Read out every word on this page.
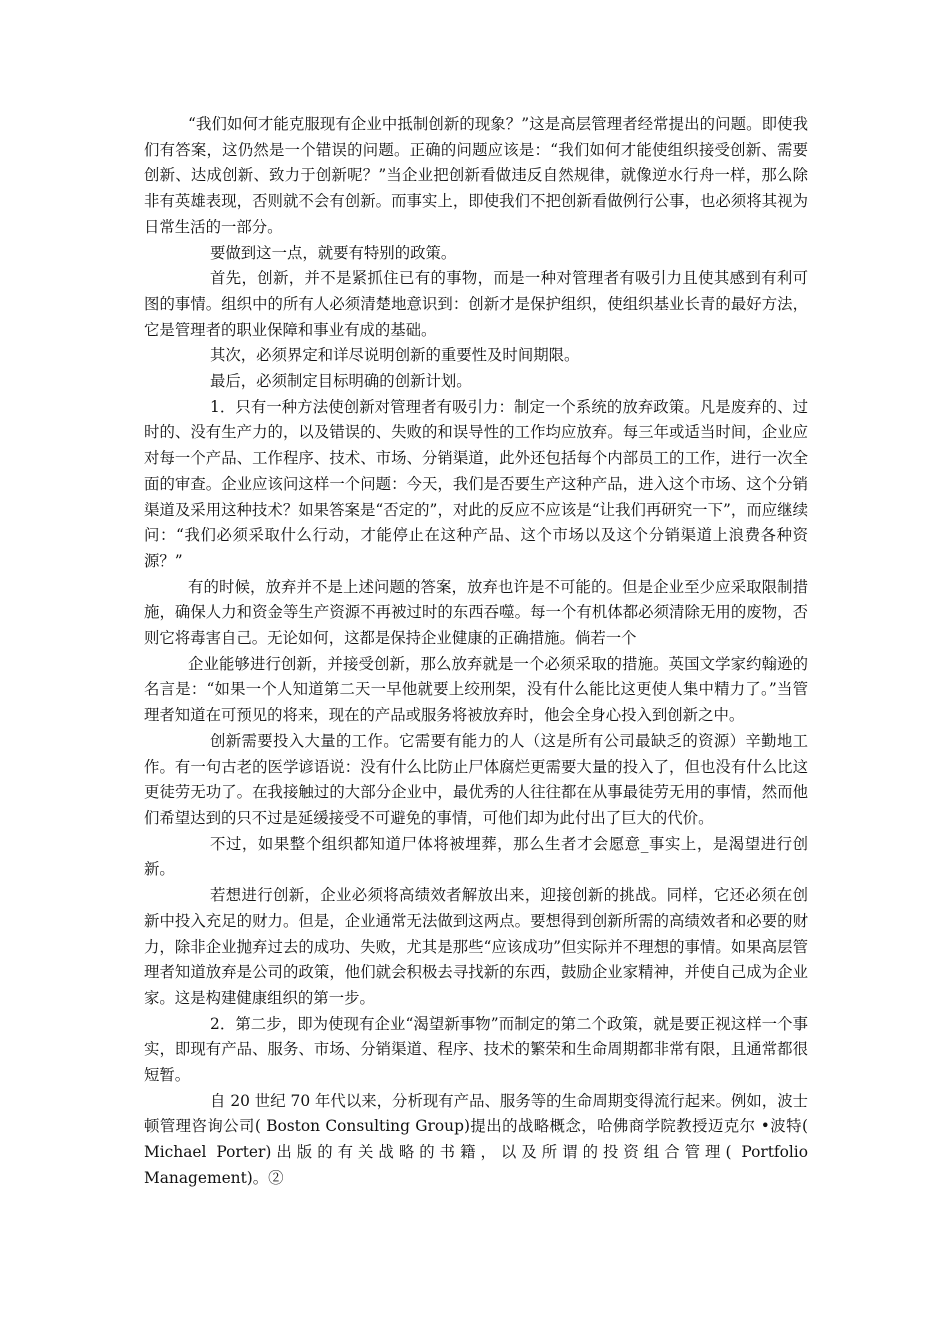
“我们如何才能克服现有企业中抵制创新的现象？”这是高层管理者经常提出的问题。即使我们有答案，这仍然是一个错误的问题。正确的问题应该是：“我们如何才能使组织接受创新、需要创新、达成创新、致力于创新呢？”当企业把创新看做违反自然规律，就像逆水行舟一样，那么除非有英雄表现，否则就不会有创新。而事实上，即使我们不把创新看做例行公事，也必须将其视为日常生活的一部分。

要做到这一点，就要有特别的政策。

首先，创新，并不是紧抓住已有的事物，而是一种对管理者有吸引力且使其感到有利可图的事情。组织中的所有人必须清楚地意识到：创新才是保护组织，使组织基业长青的最好方法，它是管理者的职业保障和事业有成的基础。

其次，必须界定和详尽说明创新的重要性及时间期限。

最后，必须制定目标明确的创新计划。

1．只有一种方法使创新对管理者有吸引力：制定一个系统的放弃政策。凡是废弃的、过时的、没有生产力的，以及错误的、失败的和误导性的工作均应放弃。每三年或适当时间，企业应对每一个产品、工作程序、技术、市场、分销渠道，此外还包括每个内部员工的工作，进行一次全面的审查。企业应该问这样一个问题：今天，我们是否要生产这种产品，进入这个市场、这个分销渠道及采用这种技术？如果答案是“否定的”，对此的反应不应该是“让我们再研究一下”，而应继续问：“我们必须采取什么行动，才能停止在这种产品、这个市场以及这个分销渠道上浪费各种资源？”

有的时候，放弃并不是上述问题的答案，放弃也许是不可能的。但是企业至少应采取限制措施，确保人力和资金等生产资源不再被过时的东西吞噬。每一个有机体都必须清除无用的废物，否则它将毒害自己。无论如何，这都是保持企业健康的正确措施。倘若一个

企业能够进行创新，并接受创新，那么放弃就是一个必须采取的措施。英国文学家约翰逊的名言是：“如果一个人知道第二天一早他就要上绞刑架，没有什么能比这更使人集中精力了。”当管理者知道在可预见的将来，现在的产品或服务将被放弃时，他会全身心投入到创新之中。

创新需要投入大量的工作。它需要有能力的人（这是所有公司最缺乏的资源）辛勤地工作。有一句古老的医学谚语说：没有什么比防止尸体腐烂更需要大量的投入了，但也没有什么比这更徒劳无功了。在我接触过的大部分企业中，最优秀的人往往都在从事最徒劳无用的事情，然而他们希望达到的只不过是延缓接受不可避免的事情，可他们却为此付出了巨大的代价。

不过，如果整个组织都知道尸体将被埋葬，那么生者才会愿意_事实上，是渴望进行创新。

若想进行创新，企业必须将高绩效者解放出来，迎接创新的挑战。同样，它还必须在创新中投入充足的财力。但是，企业通常无法做到这两点。要想得到创新所需的高绩效者和必要的财力，除非企业抛弃过去的成功、失败，尤其是那些“应该成功”但实际并不理想的事情。如果高层管理者知道放弃是公司的政策，他们就会积极去寻找新的东西，鼓励企业家精神，并使自己成为企业家。这是构建健康组织的第一步。

2．第二步，即为使现有企业“渴望新事物”而制定的第二个政策，就是要正视这样一个事实，即现有产品、服务、市场、分销渠道、程序、技术的繁荣和生命周期都非常有限，且通常都很短暂。

自 20 世纪 70 年代以来，分析现有产品、服务等的生命周期变得流行起来。例如，波士顿管理咨询公司( Boston Consulting Group)提出的战略概念，哈佛商学院教授迈克尔 •波特( Michael Porter)出版的有关战略的书籍，以及所谓的投资组合管理( Portfolio Management)。②
